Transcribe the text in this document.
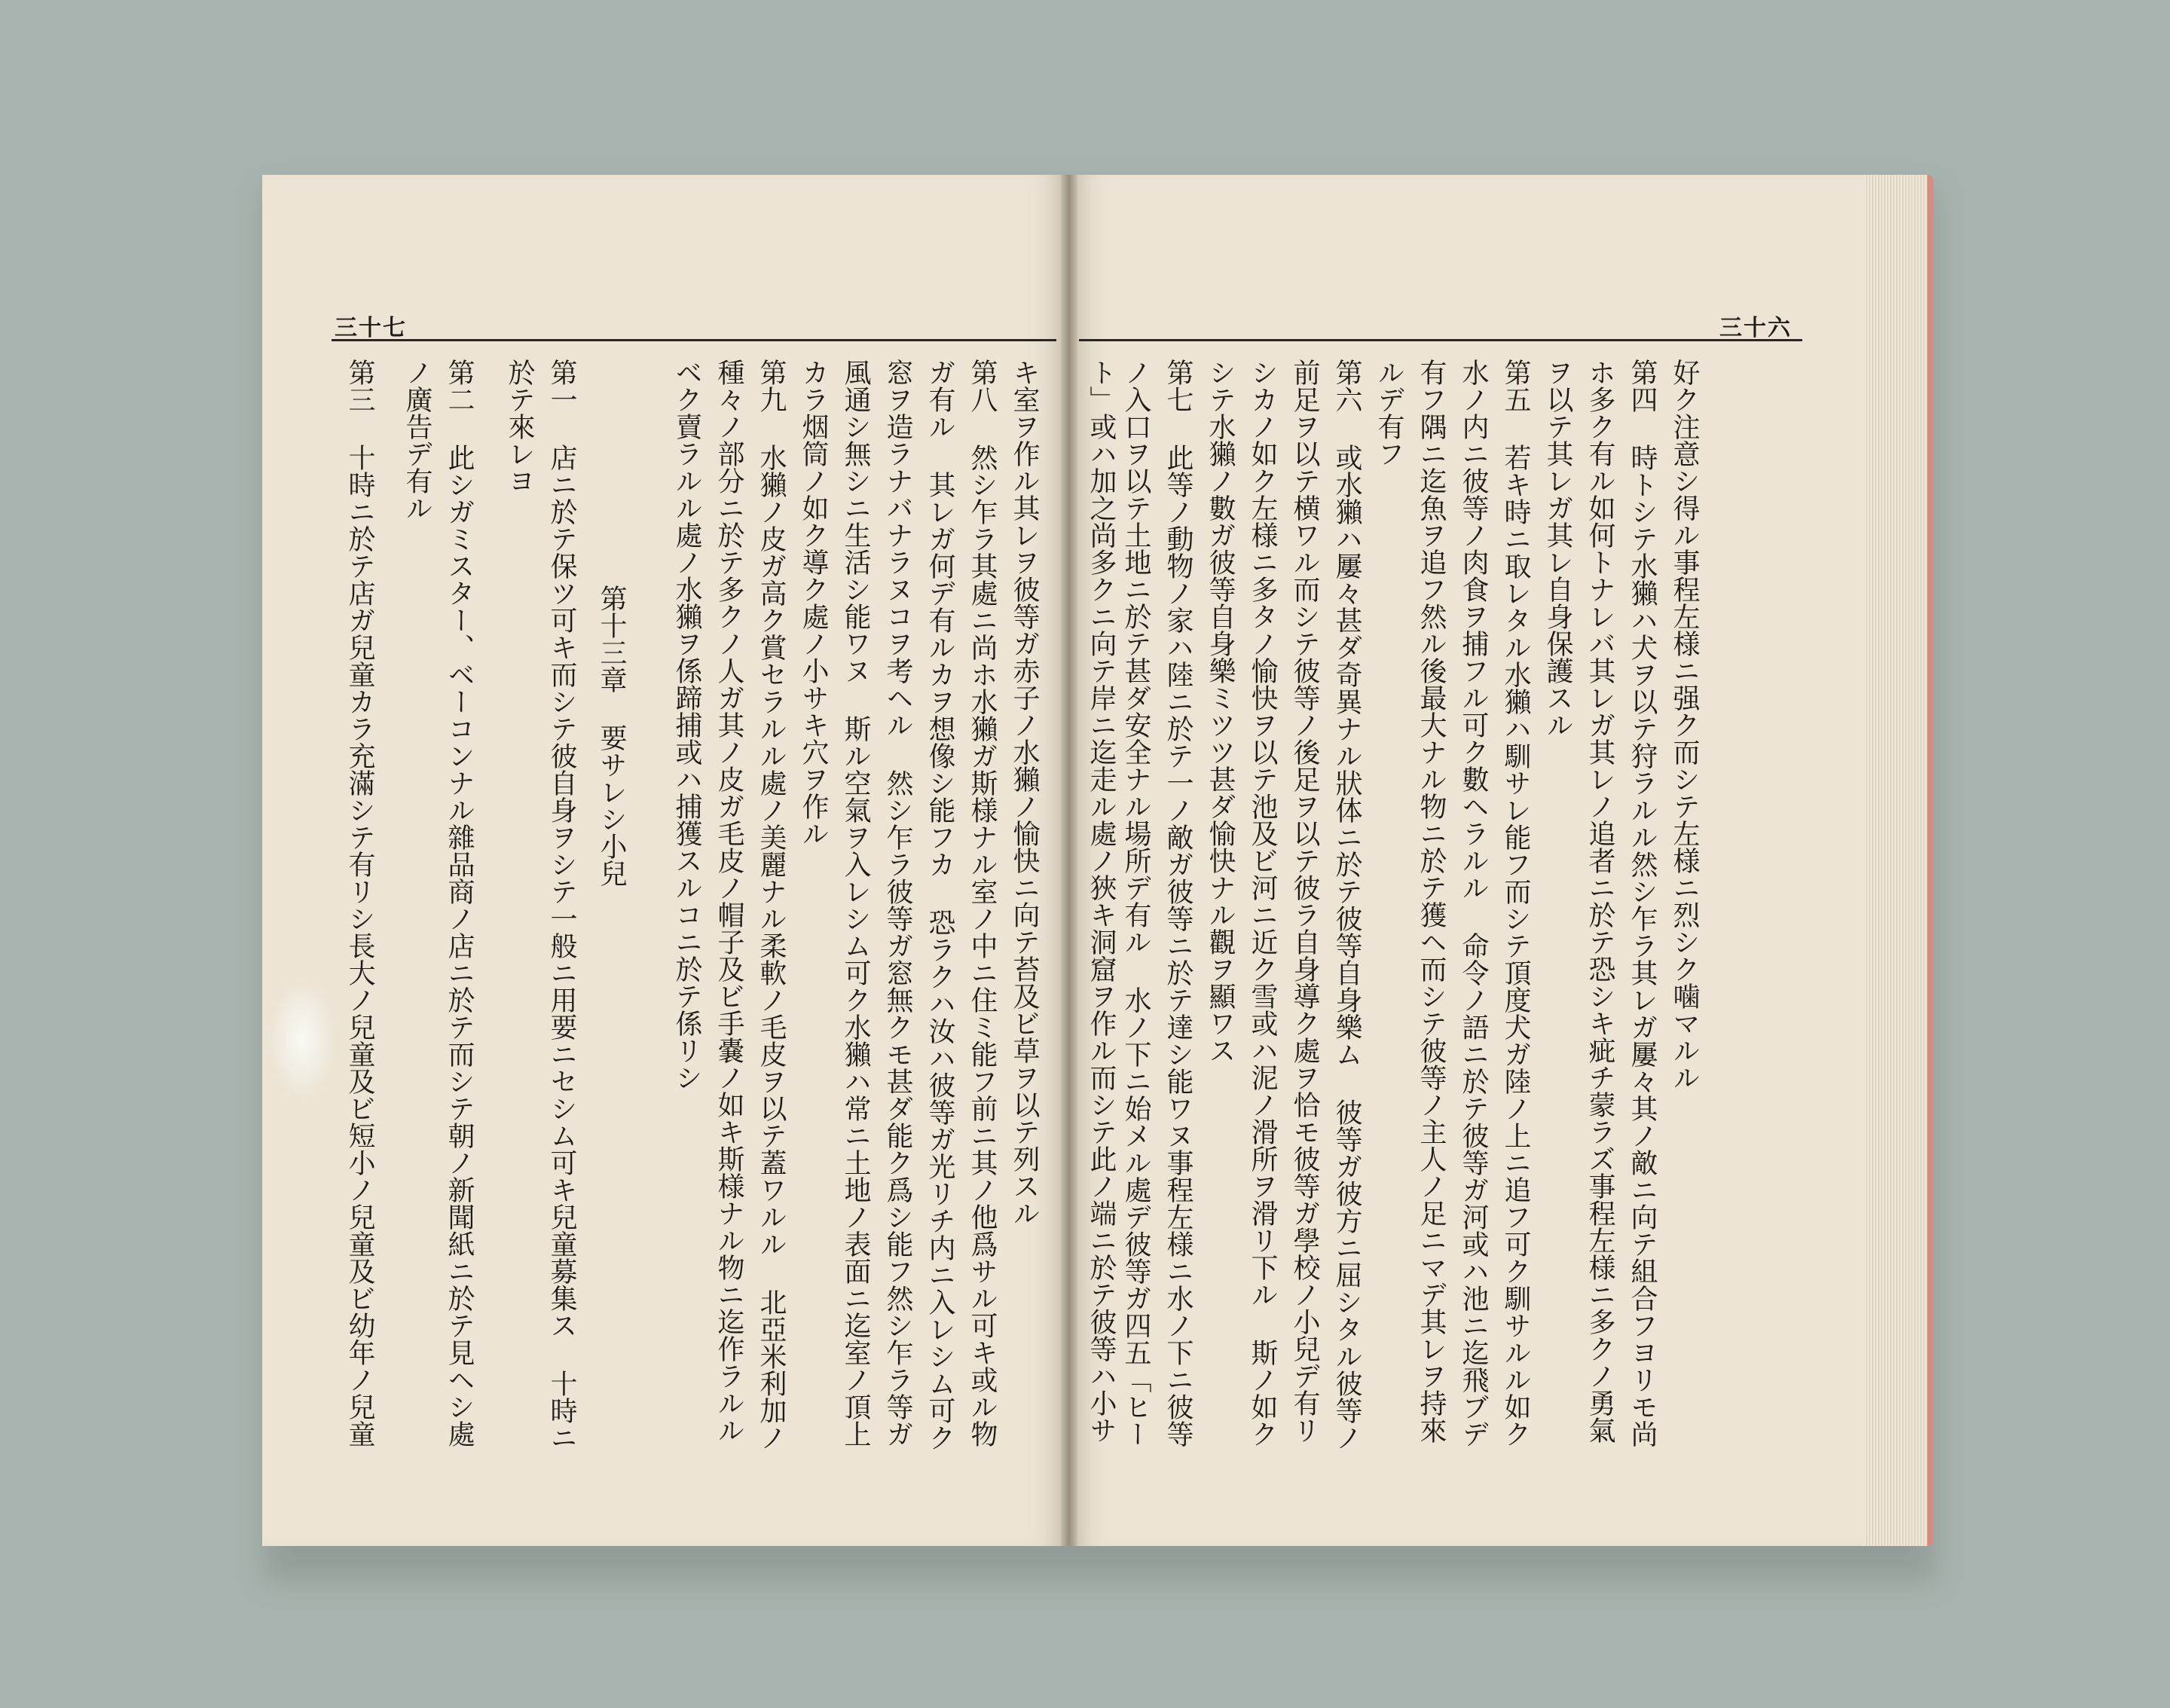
三十七	三十六
好ク注意シ得ル事程左様ニ强ク而シテ左様ニ烈シク噛マルル
第四 時トシテ水獺ハ犬ヲ以テ狩ラルル然シ乍ラ其レガ屢々其ノ敵ニ向テ組合フヨリモ尚
ホ多ク有ル如何トナレバ其レガ其レノ追者ニ於テ恐シキ疵チ蒙ラズ事程左様ニ多クノ勇氣
ヲ以テ其レガ其レ自身保護スル
第五 若キ時ニ取レタル水獺ハ馴サレ能フ而シテ頂度犬ガ陸ノ上ニ追フ可ク馴サルル如ク
水ノ内ニ彼等ノ肉食ヲ捕フル可ク數ヘラルル 命令ノ語ニ於テ彼等ガ河或ハ池ニ迄飛ブデ
有フ隅ニ迄魚ヲ追フ然ル後最大ナル物ニ於テ獲ヘ而シテ彼等ノ主人ノ足ニマデ其レヲ持來
ルデ有フ
第六 或水獺ハ屢々甚ダ奇異ナル狀体ニ於テ彼等自身樂ム 彼等ガ彼方ニ屈シタル彼等ノ
前足ヲ以テ横ワル而シテ彼等ノ後足ヲ以テ彼ラ自身導ク處ヲ恰モ彼等ガ學校ノ小兒デ有リ
シカノ如ク左様ニ多タノ愉快ヲ以テ池及ビ河ニ近ク雪或ハ泥ノ滑所ヲ滑リ下ル 斯ノ如ク
シテ水獺ノ數ガ彼等自身樂ミツツ甚ダ愉快ナル觀ヲ顯ワス
第七 此等ノ動物ノ家ハ陸ニ於テ一ノ敵ガ彼等ニ於テ達シ能ワヌ事程左様ニ水ノ下ニ彼等
ノ入口ヲ以テ土地ニ於テ甚ダ安全ナル場所デ有ル 水ノ下ニ始メル處デ彼等ガ四五「ヒー
ト」或ハ加之尚多クニ向テ岸ニ迄走ル處ノ狹キ洞窟ヲ作ル而シテ此ノ端ニ於テ彼等ハ小サ
キ室ヲ作ル其レヲ彼等ガ赤子ノ水獺ノ愉快ニ向テ苔及ビ草ヲ以テ列スル
第八 然シ乍ラ其處ニ尚ホ水獺ガ斯様ナル室ノ中ニ住ミ能フ前ニ其ノ他爲サル可キ或ル物
ガ有ル 其レガ何デ有ルカヲ想像シ能フカ 恐ラクハ汝ハ彼等ガ光リチ内ニ入レシム可ク
窓ヲ造ラナバナラヌコヲ考ヘル 然シ乍ラ彼等ガ窓無クモ甚ダ能ク爲シ能フ然シ乍ラ等ガ
風通シ無シニ生活シ能ワヌ 斯ル空氣ヲ入レシム可ク水獺ハ常ニ土地ノ表面ニ迄室ノ頂上
カラ烟筒ノ如ク導ク處ノ小サキ穴ヲ作ル
第九 水獺ノ皮ガ高ク賞セラルル處ノ美麗ナル柔軟ノ毛皮ヲ以テ蓋ワルル 北亞米利加ノ
種々ノ部分ニ於テ多クノ人ガ其ノ皮ガ毛皮ノ帽子及ビ手嚢ノ如キ斯様ナル物ニ迄作ラルル
ベク賣ラルル處ノ水獺ヲ係蹄捕或ハ捕獲スルコニ於テ係リシ
第十三章 要サレシ小兒
第一 店ニ於テ保ツ可キ而シテ彼自身ヲシテ一般ニ用要ニセシム可キ兒童募集ス 十時ニ
於テ來レヨ
第二 此シガミスター、ベーコンナル雜品商ノ店ニ於テ而シテ朝ノ新聞紙ニ於テ見ヘシ處
ノ廣告デ有ル
第三 十時ニ於テ店ガ兒童カラ充滿シテ有リシ長大ノ兒童及ビ短小ノ兒童及ビ幼年ノ兒童
